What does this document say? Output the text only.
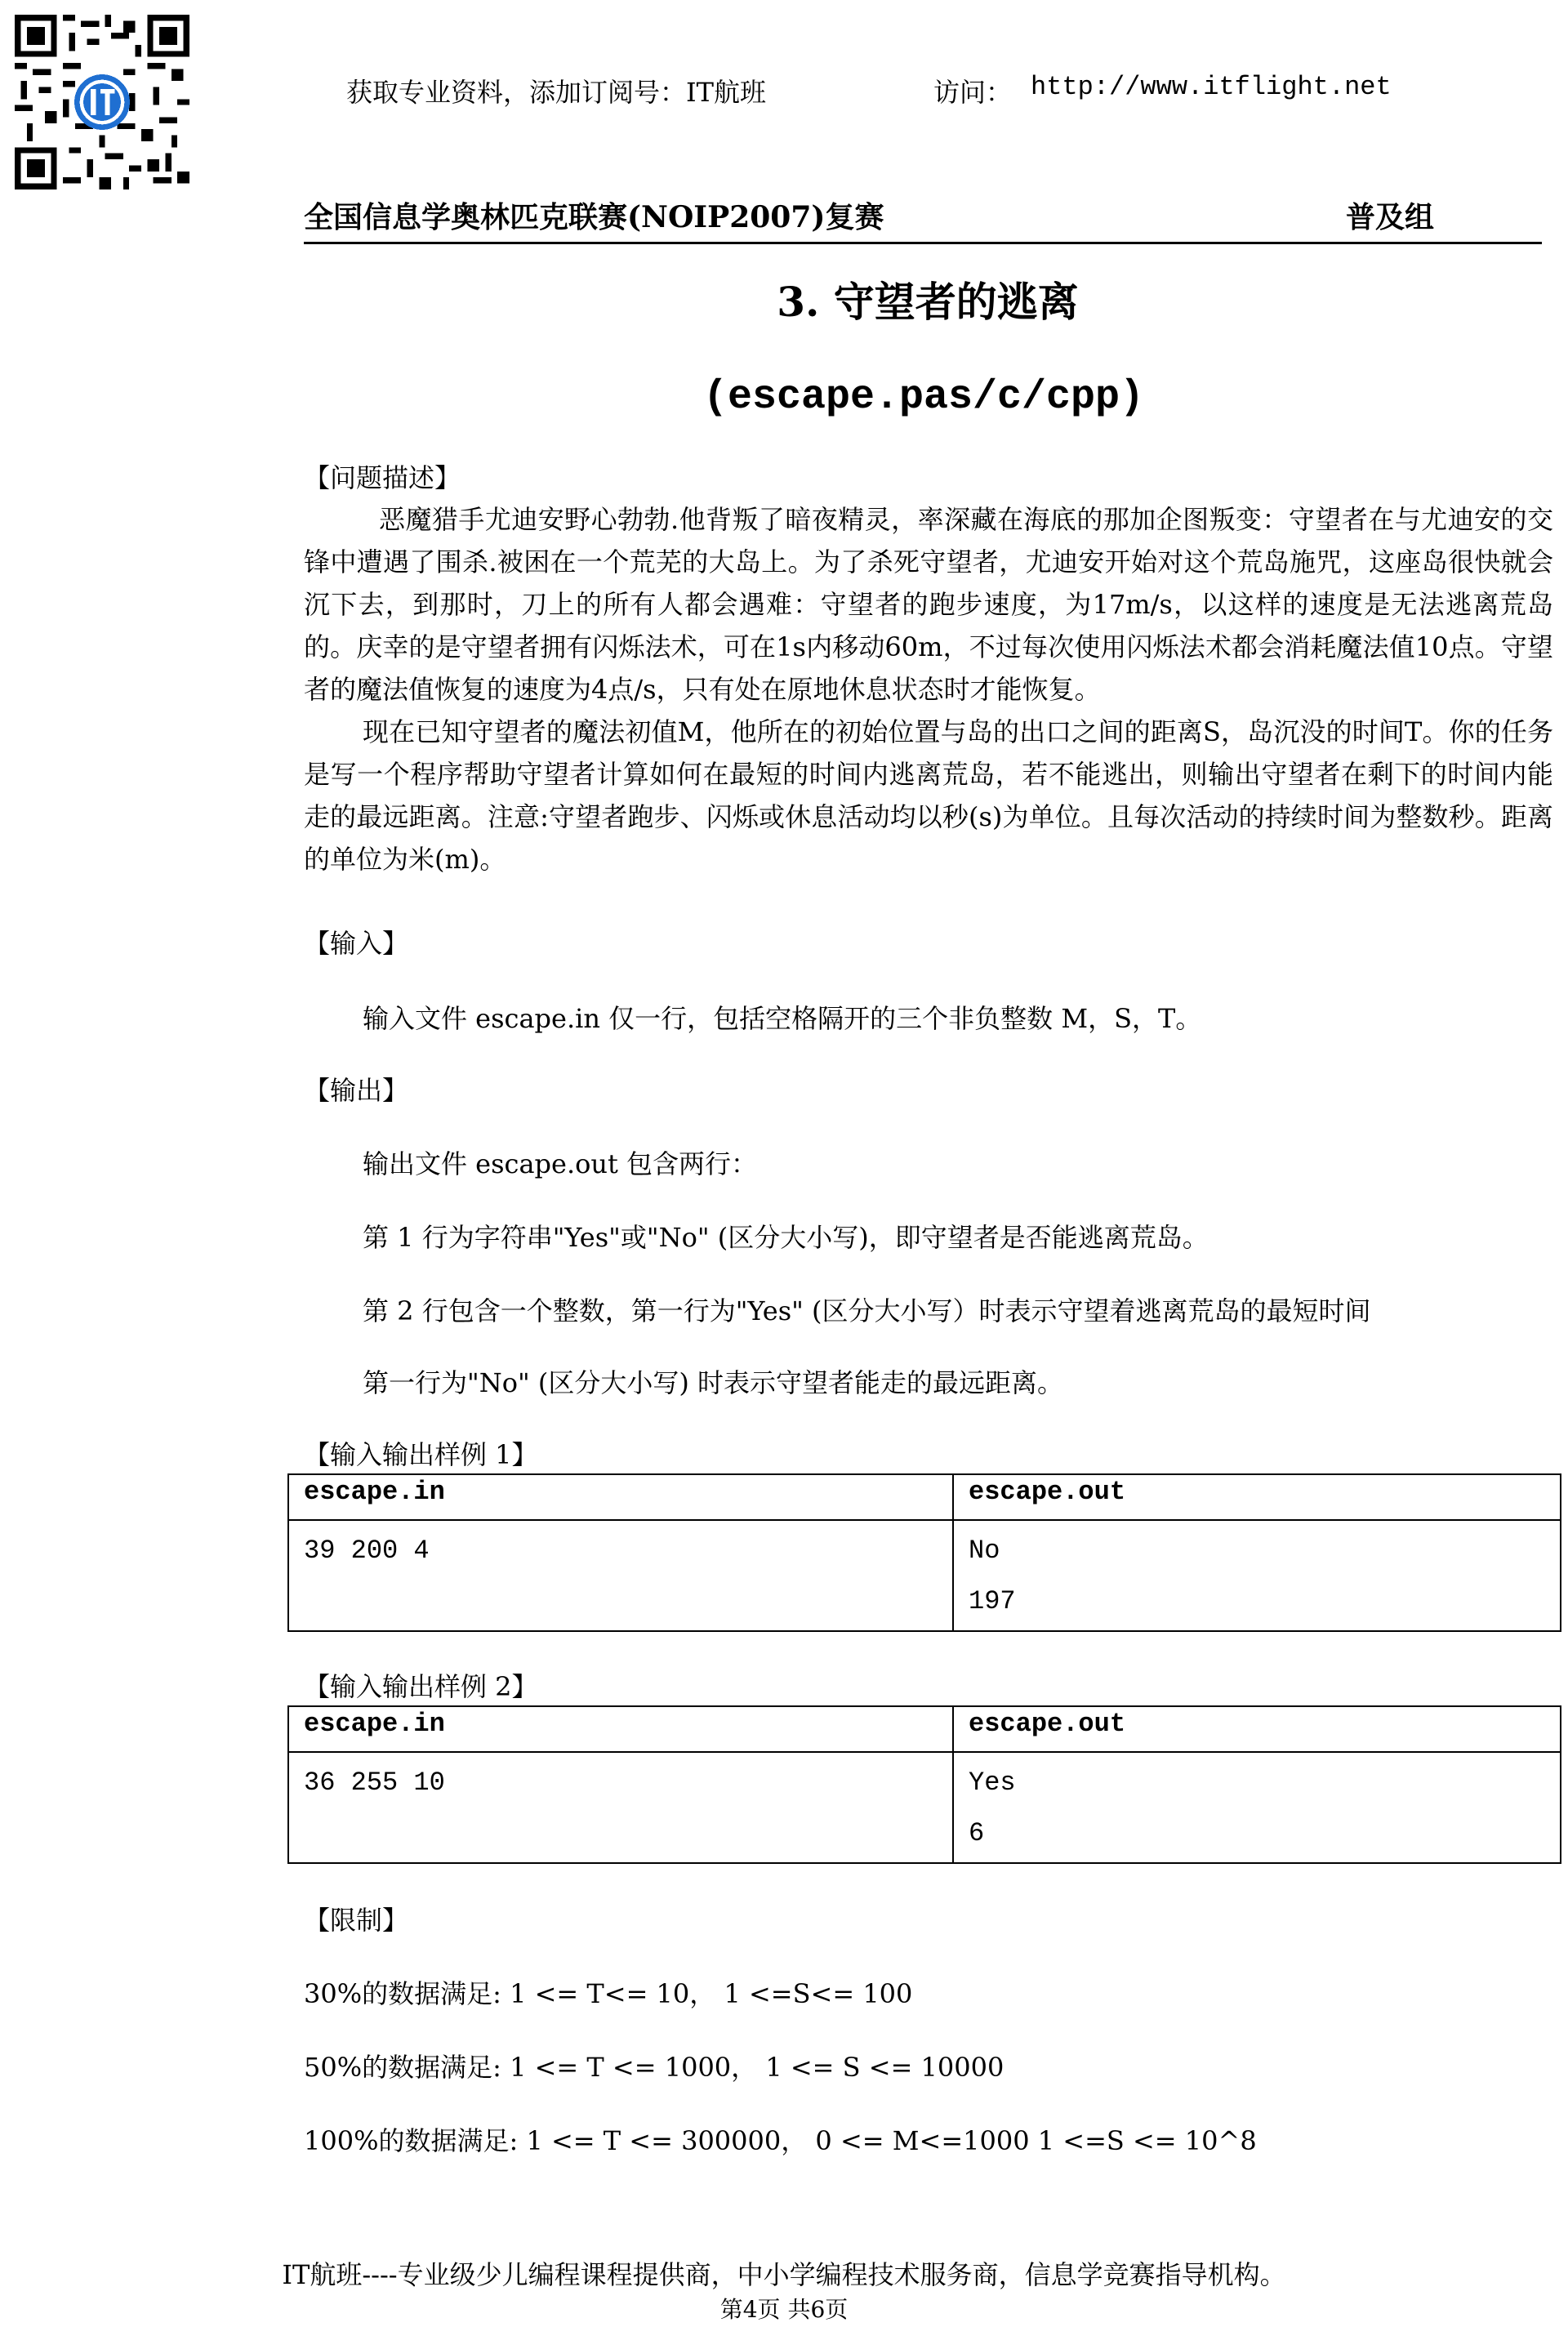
获取专业资料，添加订阅号：IT航班	访问： http://www.itflight.net
全国信息学奥林匹克联赛(NOIP2007)复赛	普及组
3. 守望者的逃离
(escape.pas/c/cpp)
【问题描述】

恶魔猎手尤迪安野心勃勃.他背叛了暗夜精灵，率深藏在海底的那加企图叛变：守望者在与尤迪安的交锋中遭遇了围杀.被困在一个荒芜的大岛上。为了杀死守望者，尤迪安开始对这个荒岛施咒，这座岛很快就会沉下去，到那时，刀上的所有人都会遇难：守望者的跑步速度，为17m/s，以这样的速度是无法逃离荒岛的。庆幸的是守望者拥有闪烁法术，可在1s内移动60m，不过每次使用闪烁法术都会消耗魔法值10点。守望者的魔法值恢复的速度为4点/s，只有处在原地休息状态时才能恢复。

现在已知守望者的魔法初值M，他所在的初始位置与岛的出口之间的距离S，岛沉没的时间T。你的任务是写一个程序帮助守望者计算如何在最短的时间内逃离荒岛，若不能逃出，则输出守望者在剩下的时间内能走的最远距离。注意:守望者跑步、闪烁或休息活动均以秒(s)为单位。且每次活动的持续时间为整数秒。距离的单位为米(m)。

【输入】
输入文件 escape.in 仅一行，包括空格隔开的三个非负整数 M，S，T。
【输出】
输出文件 escape.out 包含两行：
第 1 行为字符串"Yes"或"No" (区分大小写)，即守望者是否能逃离荒岛。
第 2 行包含一个整数，第一行为"Yes" (区分大小写）时表示守望着逃离荒岛的最短时间
第一行为"No" (区分大小写) 时表示守望者能走的最远距离。
【输入输出样例 1】
escape.in	escape.out
39 200 4	No
197
【输入输出样例 2】
escape.in	escape.out
36 255 10	Yes
6
【限制】
30%的数据满足: 1 <= T<= 10， 1 <=S<= 100
50%的数据满足: 1 <= T <= 1000， 1 <= S <= 10000
100%的数据满足: 1 <= T <= 300000， 0 <= M<=1000 1 <=S <= 10^8
IT航班----专业级少儿编程课程提供商，中小学编程技术服务商，信息学竞赛指导机构。
第4页 共6页
